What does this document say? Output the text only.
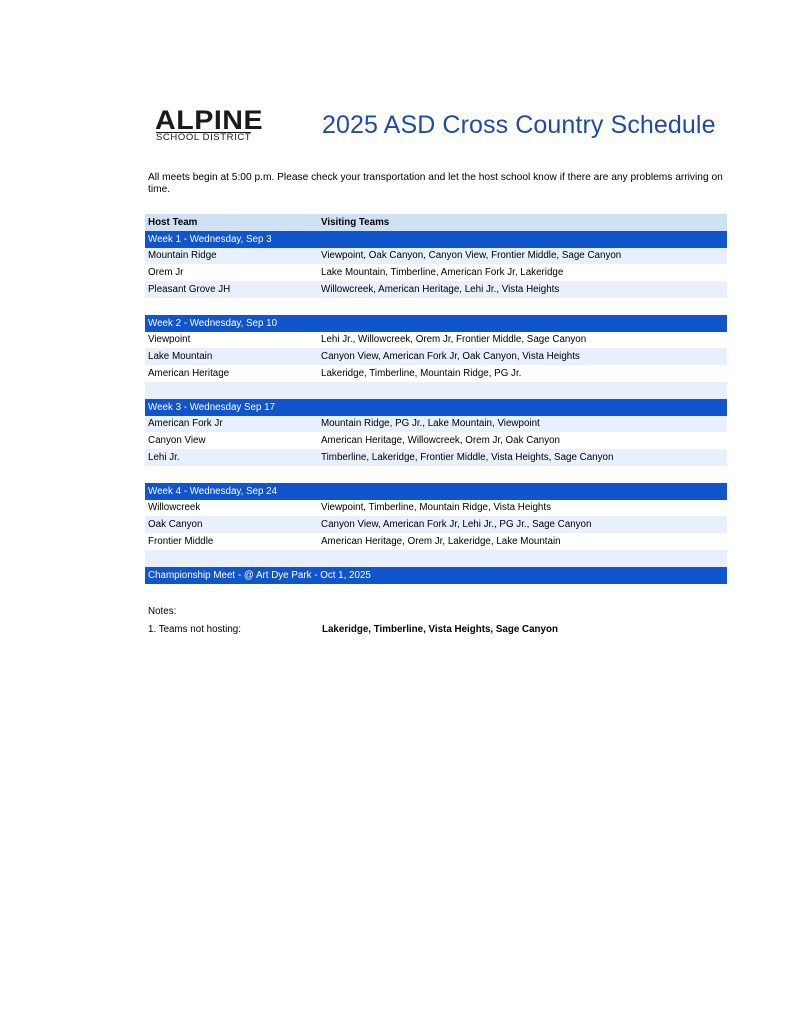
ALPINE
SCHOOL DISTRICT	2025 ASD Cross Country Schedule
All meets begin at 5:00 p.m. Please check your transportation and let the host school know if there are any problems arriving on time.
Host Team	Visiting Teams
Week 1 - Wednesday, Sep 3
Mountain Ridge	Viewpoint, Oak Canyon, Canyon View, Frontier Middle, Sage Canyon
Orem Jr	Lake Mountain, Timberline, American Fork Jr, Lakeridge
Pleasant Grove JH	Willowcreek, American Heritage, Lehi Jr., Vista Heights
Week 2 - Wednesday, Sep 10
Viewpoint	Lehi Jr., Willowcreek, Orem Jr, Frontier Middle, Sage Canyon
Lake Mountain	Canyon View, American Fork Jr, Oak Canyon, Vista Heights
American Heritage	Lakeridge, Timberline, Mountain Ridge, PG Jr.
Week 3 - Wednesday Sep 17
American Fork Jr	Mountain Ridge, PG Jr., Lake Mountain, Viewpoint
Canyon View	American Heritage, Willowcreek, Orem Jr, Oak Canyon
Lehi Jr.	Timberline, Lakeridge, Frontier Middle, Vista Heights, Sage Canyon
Week 4 - Wednesday, Sep 24
Willowcreek	Viewpoint, Timberline, Mountain Ridge, Vista Heights
Oak Canyon	Canyon View, American Fork Jr, Lehi Jr., PG Jr., Sage Canyon
Frontier Middle	American Heritage, Orem Jr, Lakeridge, Lake Mountain
Championship Meet - @ Art Dye Park - Oct 1, 2025
Notes:
1. Teams not hosting:	Lakeridge, Timberline, Vista Heights, Sage Canyon
